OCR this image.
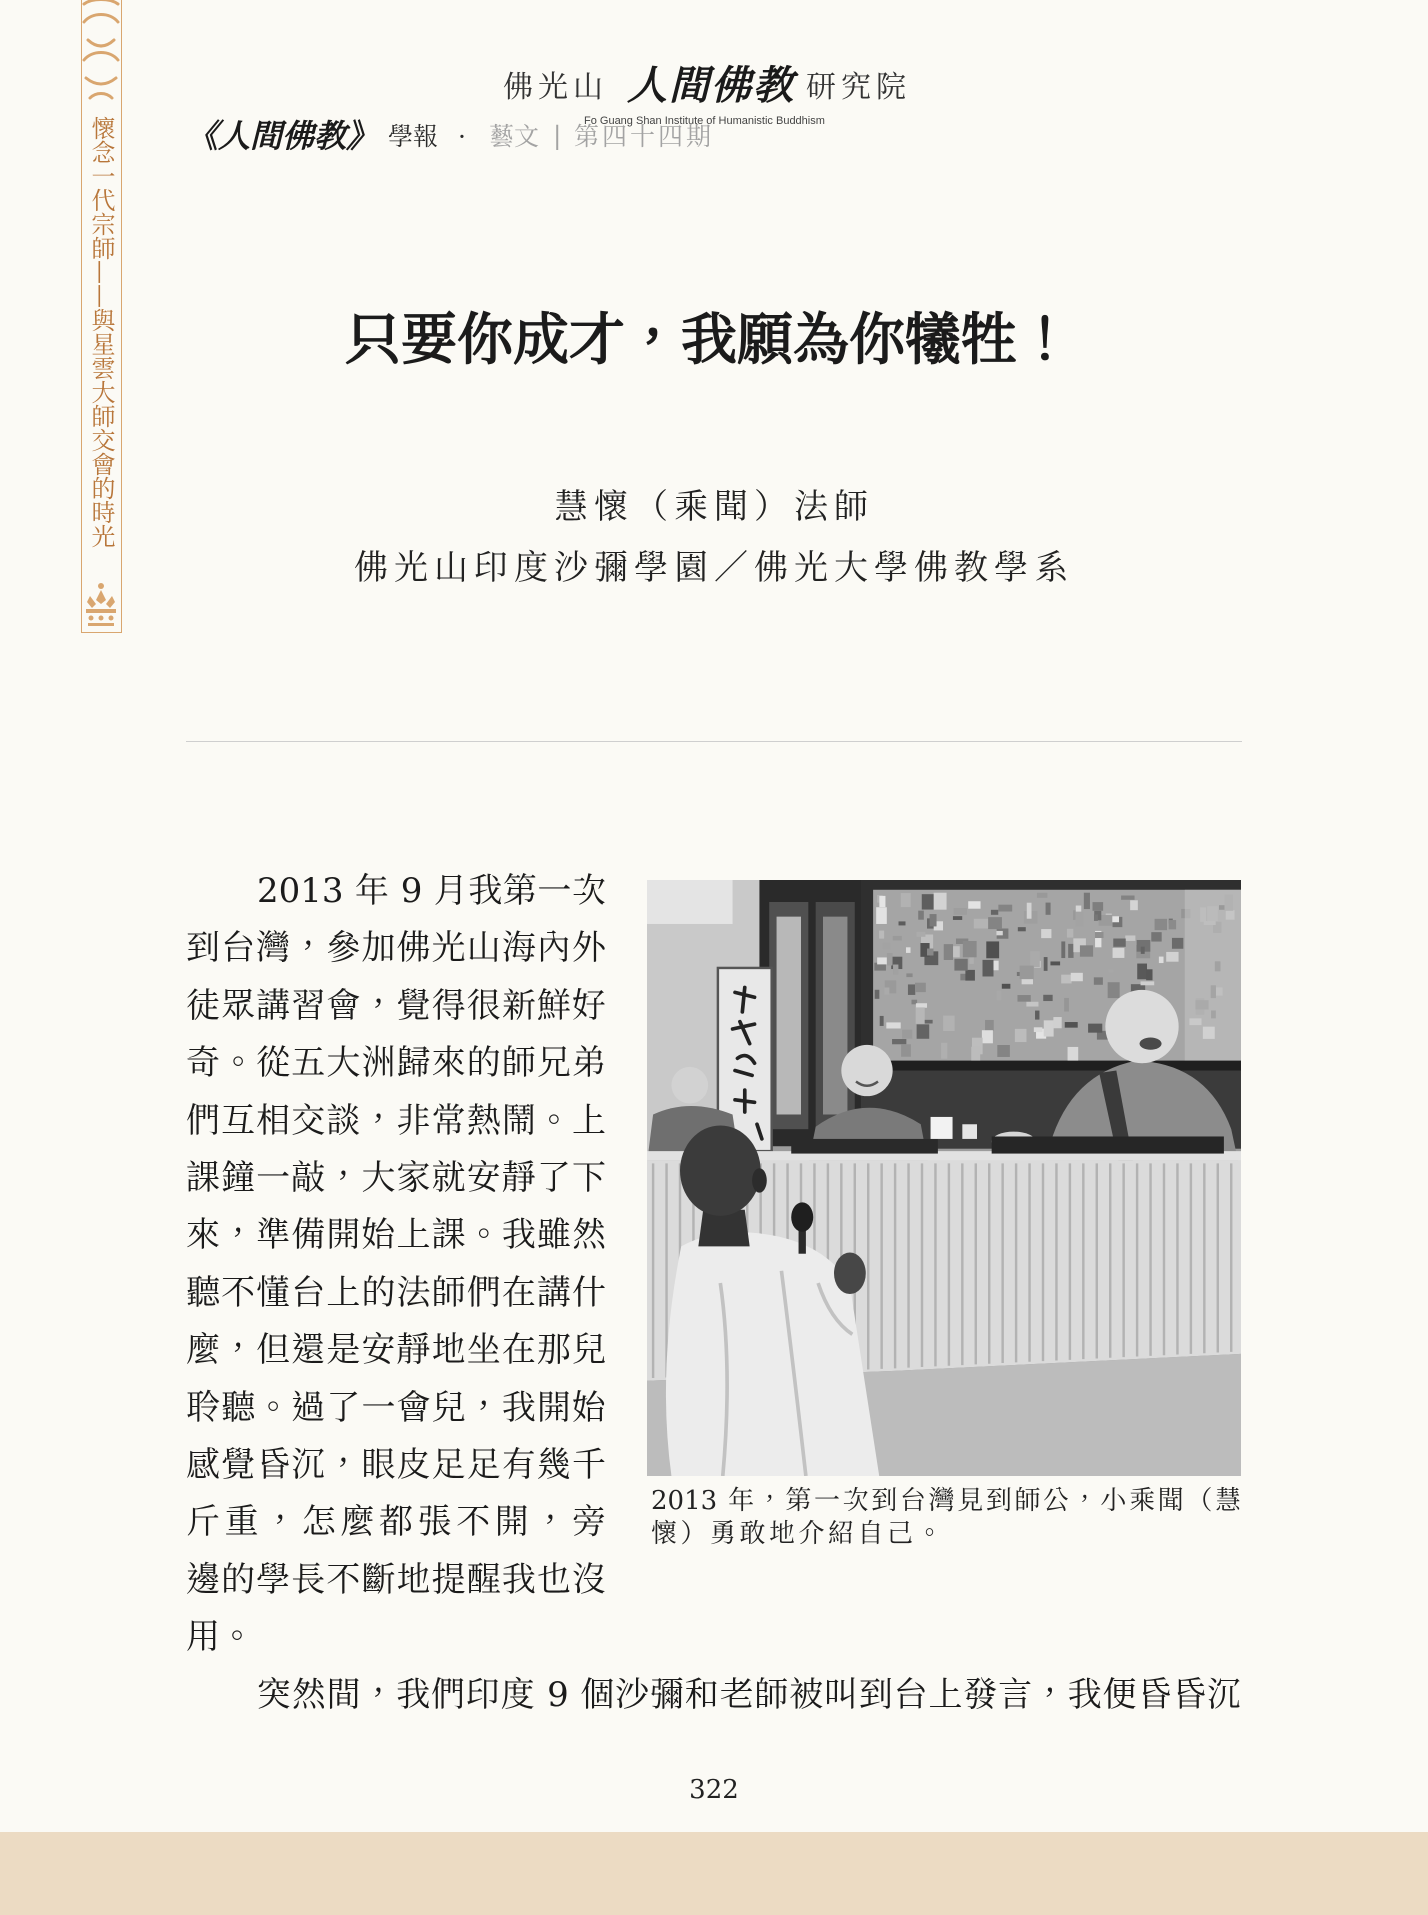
懷念一代宗師——與星雲大師交會的時光
佛光山 人間佛教 研究院
Fo Guang Shan Institute of Humanistic Buddhism
《人間佛教》 學報 · 藝文 | 第四十四期
只要你成才，我願為你犧牲！
慧懷（乘聞）法師
佛光山印度沙彌學園／佛光大學佛教學系
2013 年 9 月我第一次
到台灣，參加佛光山海內外
徒眾講習會，覺得很新鮮好
奇。從五大洲歸來的師兄弟
們互相交談，非常熱鬧。上
課鐘一敲，大家就安靜了下
來，準備開始上課。我雖然
聽不懂台上的法師們在講什
麼，但還是安靜地坐在那兒
聆聽。過了一會兒，我開始
感覺昏沉，眼皮足足有幾千
斤重，怎麼都張不開，旁
邊的學長不斷地提醒我也沒
用。
突然間，我們印度 9 個沙彌和老師被叫到台上發言，我便昏昏沉
2013 年，第一次到台灣見到師公，小乘聞（慧
懷）勇敢地介紹自己。
322
